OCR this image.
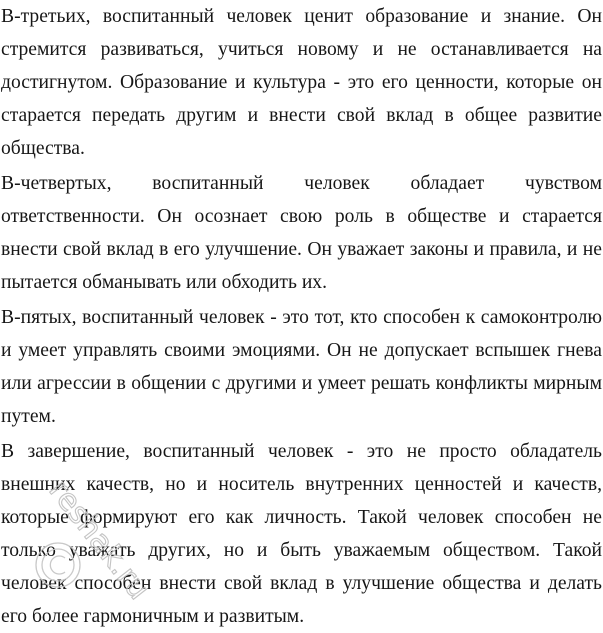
В-третьих, воспитанный человек ценит образование и знание. Он стремится развиваться, учиться новому и не останавливается на достигнутом. Образование и культура - это его ценности, которые он старается передать другим и внести свой вклад в общее развитие общества.

В-четвертых, воспитанный человек обладает чувством ответственности. Он осознает свою роль в обществе и старается внести свой вклад в его улучшение. Он уважает законы и правила, и не пытается обманывать или обходить их.

В-пятых, воспитанный человек - это тот, кто способен к самоконтролю и умеет управлять своими эмоциями. Он не допускает вспышек гнева или агрессии в общении с другими и умеет решать конфликты мирным путем.

В завершение, воспитанный человек - это не просто обладатель внешних качеств, но и носитель внутренних ценностей и качеств, которые формируют его как личность. Такой человек способен не только уважать других, но и быть уважаемым обществом. Такой человек способен внести свой вклад в улучшение общества и делать его более гармоничным и развитым.

reshak.ru
